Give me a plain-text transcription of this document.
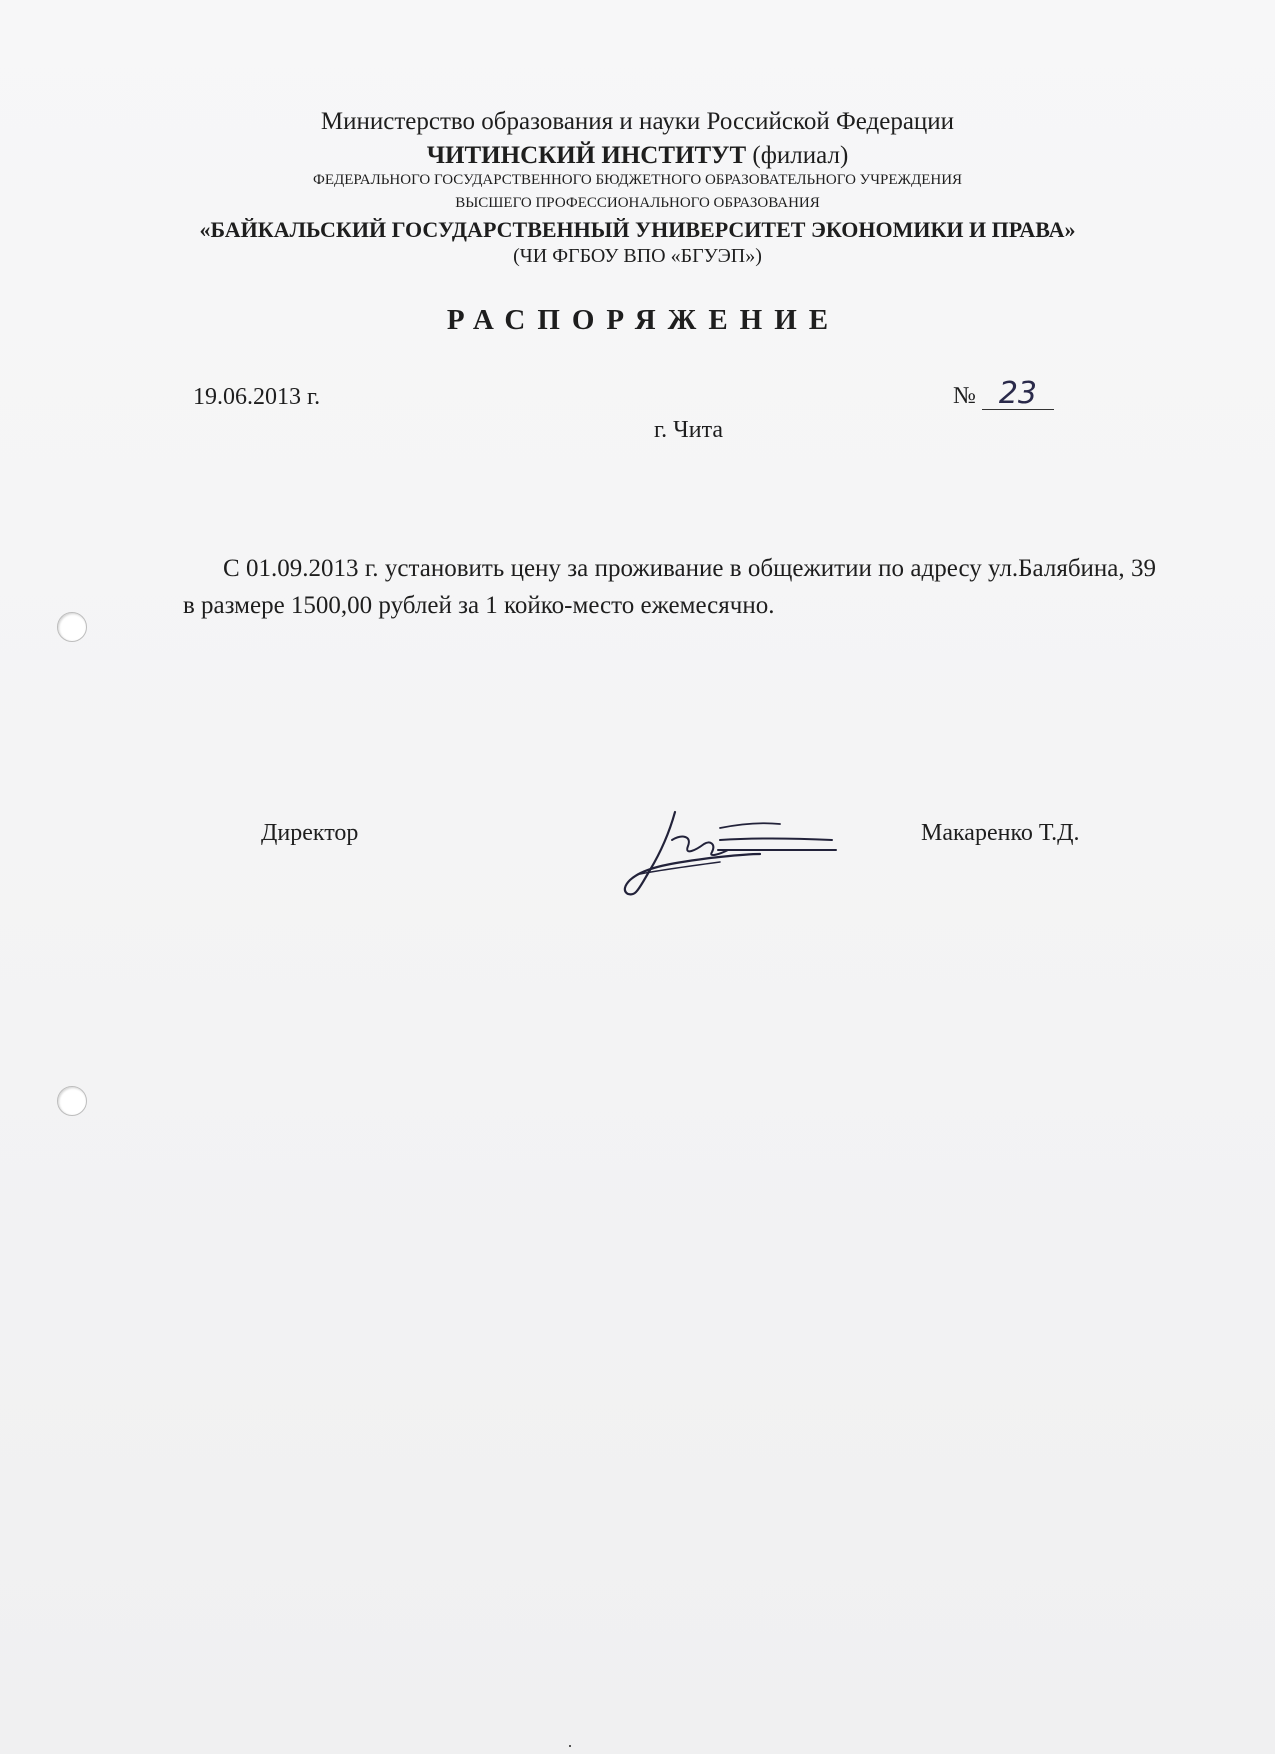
Министерство образования и науки Российской Федерации
ЧИТИНСКИЙ ИНСТИТУТ (филиал)
ФЕДЕРАЛЬНОГО ГОСУДАРСТВЕННОГО БЮДЖЕТНОГО ОБРАЗОВАТЕЛЬНОГО УЧРЕЖДЕНИЯ
ВЫСШЕГО ПРОФЕССИОНАЛЬНОГО ОБРАЗОВАНИЯ
«БАЙКАЛЬСКИЙ ГОСУДАРСТВЕННЫЙ УНИВЕРСИТЕТ ЭКОНОМИКИ И ПРАВА»
(ЧИ ФГБОУ ВПО «БГУЭП»)
РАСПОРЯЖЕНИЕ
19.06.2013 г.	№ 23
г. Чита
С 01.09.2013 г. установить цену за проживание в общежитии по адресу ул.Балябина, 39 в размере 1500,00 рублей за 1 койко-место ежемесячно.
Директор	Макаренко Т.Д.
